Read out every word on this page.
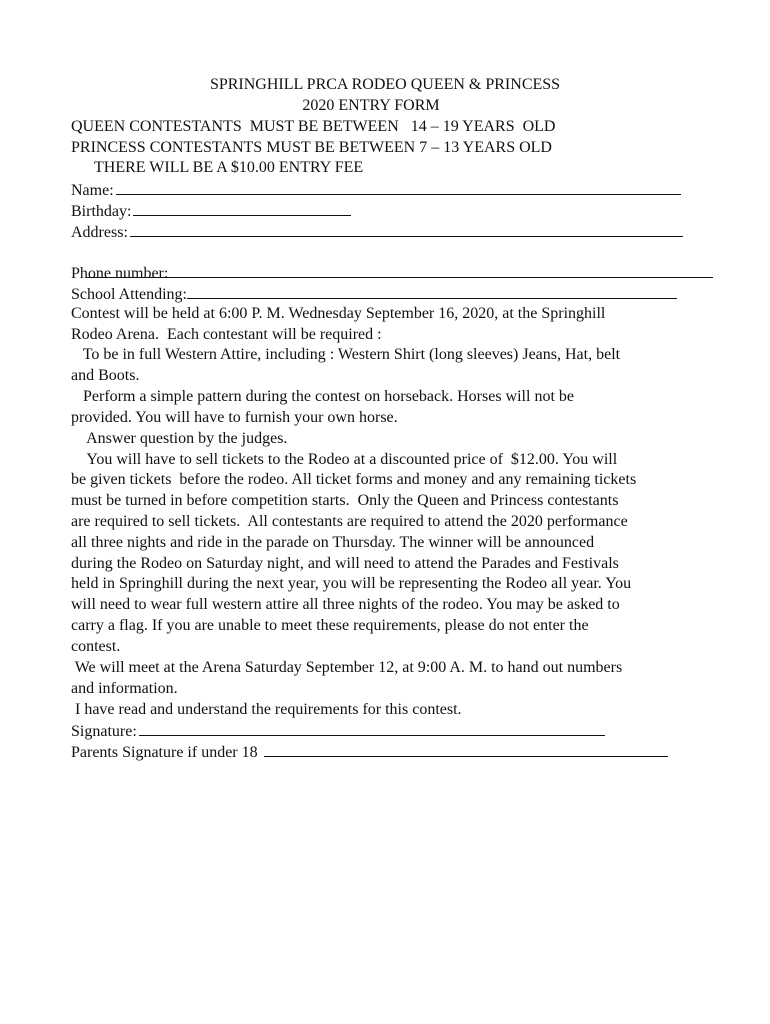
SPRINGHILL PRCA RODEO QUEEN & PRINCESS
2020 ENTRY FORM
QUEEN CONTESTANTS  MUST BE BETWEEN   14 – 19 YEARS  OLD
PRINCESS CONTESTANTS MUST BE BETWEEN 7 – 13 YEARS OLD
THERE WILL BE A $10.00 ENTRY FEE
Name:
Birthday:
Address:

Phone number:
School Attending:
Contest will be held at 6:00 P. M. Wednesday September 16, 2020, at the Springhill
Rodeo Arena.  Each contestant will be required :
To be in full Western Attire, including : Western Shirt (long sleeves) Jeans, Hat, belt
and Boots.
Perform a simple pattern during the contest on horseback. Horses will not be
provided. You will have to furnish your own horse.
Answer question by the judges.
You will have to sell tickets to the Rodeo at a discounted price of  $12.00. You will
be given tickets  before the rodeo. All ticket forms and money and any remaining tickets
must be turned in before competition starts.  Only the Queen and Princess contestants
are required to sell tickets.  All contestants are required to attend the 2020 performance
all three nights and ride in the parade on Thursday. The winner will be announced
during the Rodeo on Saturday night, and will need to attend the Parades and Festivals
held in Springhill during the next year, you will be representing the Rodeo all year. You
will need to wear full western attire all three nights of the rodeo. You may be asked to
carry a flag. If you are unable to meet these requirements, please do not enter the
contest.
We will meet at the Arena Saturday September 12, at 9:00 A. M. to hand out numbers
and information.
I have read and understand the requirements for this contest.
Signature:
Parents Signature if under 18
